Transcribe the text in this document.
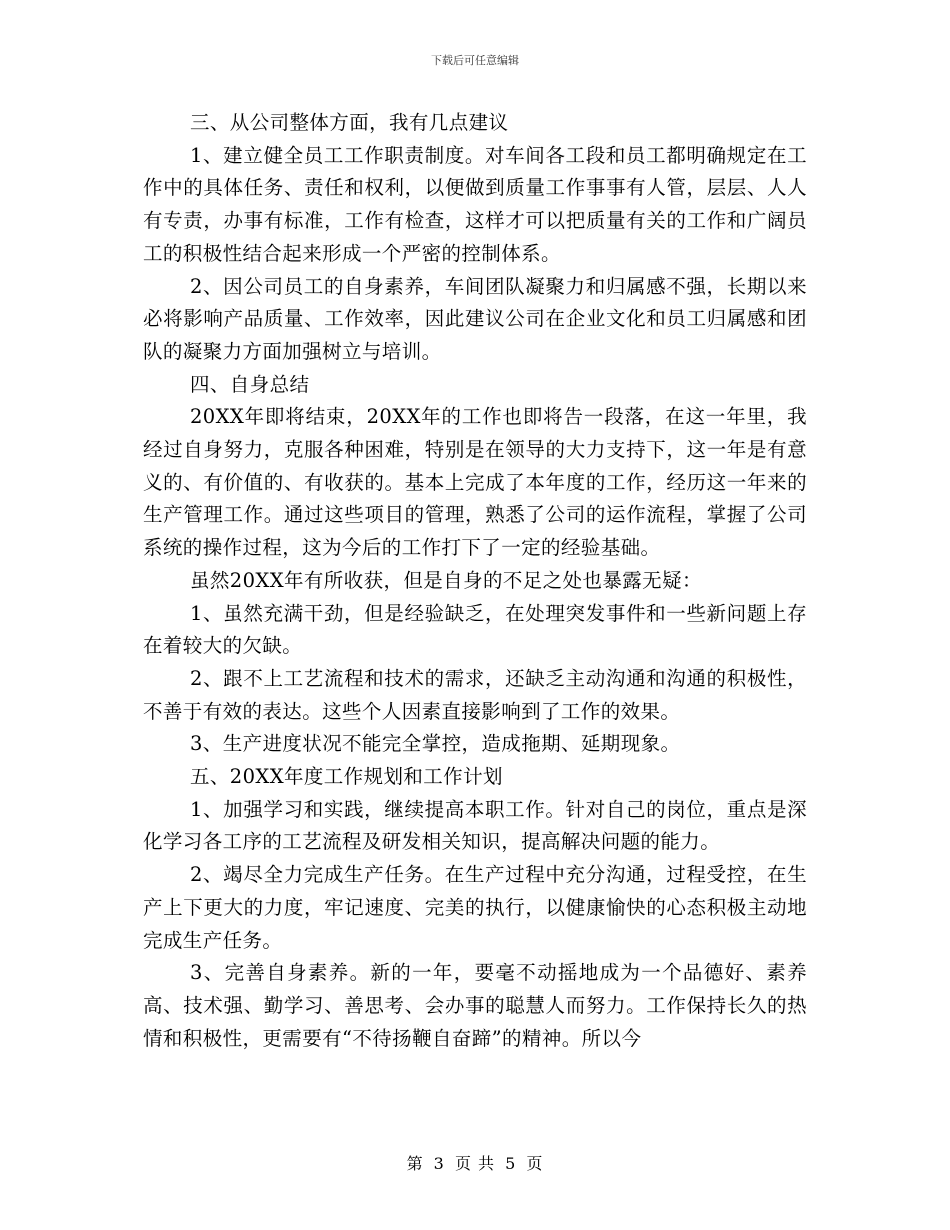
下载后可任意编辑

三、从公司整体方面，我有几点建议

1、建立健全员工工作职责制度。对车间各工段和员工都明确规定在工作中的具体任务、责任和权利，以便做到质量工作事事有人管，层层、人人有专责，办事有标准，工作有检查，这样才可以把质量有关的工作和广阔员工的积极性结合起来形成一个严密的控制体系。

2、因公司员工的自身素养，车间团队凝聚力和归属感不强，长期以来必将影响产品质量、工作效率，因此建议公司在企业文化和员工归属感和团队的凝聚力方面加强树立与培训。

四、自身总结

20XX年即将结束，20XX年的工作也即将告一段落，在这一年里，我经过自身努力，克服各种困难，特别是在领导的大力支持下，这一年是有意义的、有价值的、有收获的。基本上完成了本年度的工作，经历这一年来的生产管理工作。通过这些项目的管理，熟悉了公司的运作流程，掌握了公司系统的操作过程，这为今后的工作打下了一定的经验基础。

虽然20XX年有所收获，但是自身的不足之处也暴露无疑：

1、虽然充满干劲，但是经验缺乏，在处理突发事件和一些新问题上存在着较大的欠缺。

2、跟不上工艺流程和技术的需求，还缺乏主动沟通和沟通的积极性，不善于有效的表达。这些个人因素直接影响到了工作的效果。

3、生产进度状况不能完全掌控，造成拖期、延期现象。

五、20XX年度工作规划和工作计划

1、加强学习和实践，继续提高本职工作。针对自己的岗位，重点是深化学习各工序的工艺流程及研发相关知识，提高解决问题的能力。

2、竭尽全力完成生产任务。在生产过程中充分沟通，过程受控，在生产上下更大的力度，牢记速度、完美的执行，以健康愉快的心态积极主动地完成生产任务。

3、完善自身素养。新的一年，要毫不动摇地成为一个品德好、素养高、技术强、勤学习、善思考、会办事的聪慧人而努力。工作保持长久的热情和积极性，更需要有“不待扬鞭自奋蹄”的精神。所以今

第 3 页 共 5 页
